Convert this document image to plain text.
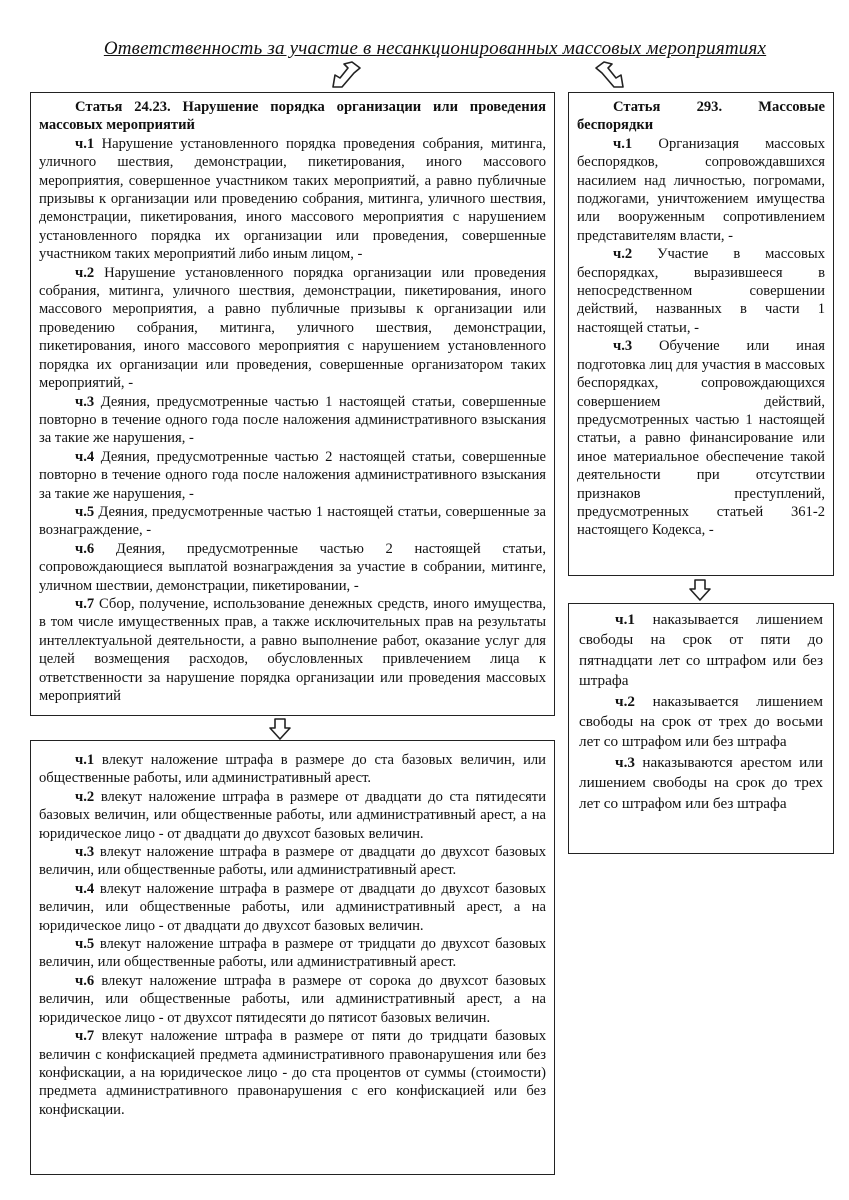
Ответственность за участие в несанкционированных массовых мероприятиях

Статья 24.23. Нарушение порядка организации или проведения массовых мероприятий

ч.1 Нарушение установленного порядка проведения собрания, митинга, уличного шествия, демонстрации, пикетирования, иного массового мероприятия, совершенное участником таких мероприятий, а равно публичные призывы к организации или проведению собрания, митинга, уличного шествия, демонстрации, пикетирования, иного массового мероприятия с нарушением установленного порядка их организации или проведения, совершенные участником таких мероприятий либо иным лицом, -

ч.2 Нарушение установленного порядка организации или проведения собрания, митинга, уличного шествия, демонстрации, пикетирования, иного массового мероприятия, а равно публичные призывы к организации или проведению собрания, митинга, уличного шествия, демонстрации, пикетирования, иного массового мероприятия с нарушением установленного порядка их организации или проведения, совершенные организатором таких мероприятий, -

ч.3 Деяния, предусмотренные частью 1 настоящей статьи, совершенные повторно в течение одного года после наложения административного взыскания за такие же нарушения, -

ч.4 Деяния, предусмотренные частью 2 настоящей статьи, совершенные повторно в течение одного года после наложения административного взыскания за такие же нарушения, -

ч.5 Деяния, предусмотренные частью 1 настоящей статьи, совершенные за вознаграждение, -

ч.6 Деяния, предусмотренные частью 2 настоящей статьи, сопровождающиеся выплатой вознаграждения за участие в собрании, митинге, уличном шествии, демонстрации, пикетировании, -

ч.7 Сбор, получение, использование денежных средств, иного имущества, в том числе имущественных прав, а также исключительных прав на результаты интеллектуальной деятельности, а равно выполнение работ, оказание услуг для целей возмещения расходов, обусловленных привлечением лица к ответственности за нарушение порядка организации или проведения массовых мероприятий

ч.1 влекут наложение штрафа в размере до ста базовых величин, или общественные работы, или административный арест.

ч.2 влекут наложение штрафа в размере от двадцати до ста пятидесяти базовых величин, или общественные работы, или административный арест, а на юридическое лицо - от двадцати до двухсот базовых величин.

ч.3 влекут наложение штрафа в размере от двадцати до двухсот базовых величин, или общественные работы, или административный арест.

ч.4 влекут наложение штрафа в размере от двадцати до двухсот базовых величин, или общественные работы, или административный арест, а на юридическое лицо - от двадцати до двухсот базовых величин.

ч.5 влекут наложение штрафа в размере от тридцати до двухсот базовых величин, или общественные работы, или административный арест.

ч.6 влекут наложение штрафа в размере от сорока до двухсот базовых величин, или общественные работы, или административный арест, а на юридическое лицо - от двухсот пятидесяти до пятисот базовых величин.

ч.7 влекут наложение штрафа в размере от пяти до тридцати базовых величин с конфискацией предмета административного правонарушения или без конфискации, а на юридическое лицо - до ста процентов от суммы (стоимости) предмета административного правонарушения с его конфискацией или без конфискации.

Статья 293. Массовые беспорядки

ч.1 Организация массовых беспорядков, сопровождавшихся насилием над личностью, погромами, поджогами, уничтожением имущества или вооруженным сопротивлением представителям власти, -

ч.2 Участие в массовых беспорядках, выразившееся в непосредственном совершении действий, названных в части 1 настоящей статьи, -

ч.3 Обучение или иная подготовка лиц для участия в массовых беспорядках, сопровождающихся совершением действий, предусмотренных частью 1 настоящей статьи, а равно финансирование или иное материальное обеспечение такой деятельности при отсутствии признаков преступлений, предусмотренных статьей 361-2 настоящего Кодекса, -

ч.1 наказывается лишением свободы на срок от пяти до пятнадцати лет со штрафом или без штрафа

ч.2 наказывается лишением свободы на срок от трех до восьми лет со штрафом или без штрафа

ч.3 наказываются арестом или лишением свободы на срок до трех лет со штрафом или без штрафа
